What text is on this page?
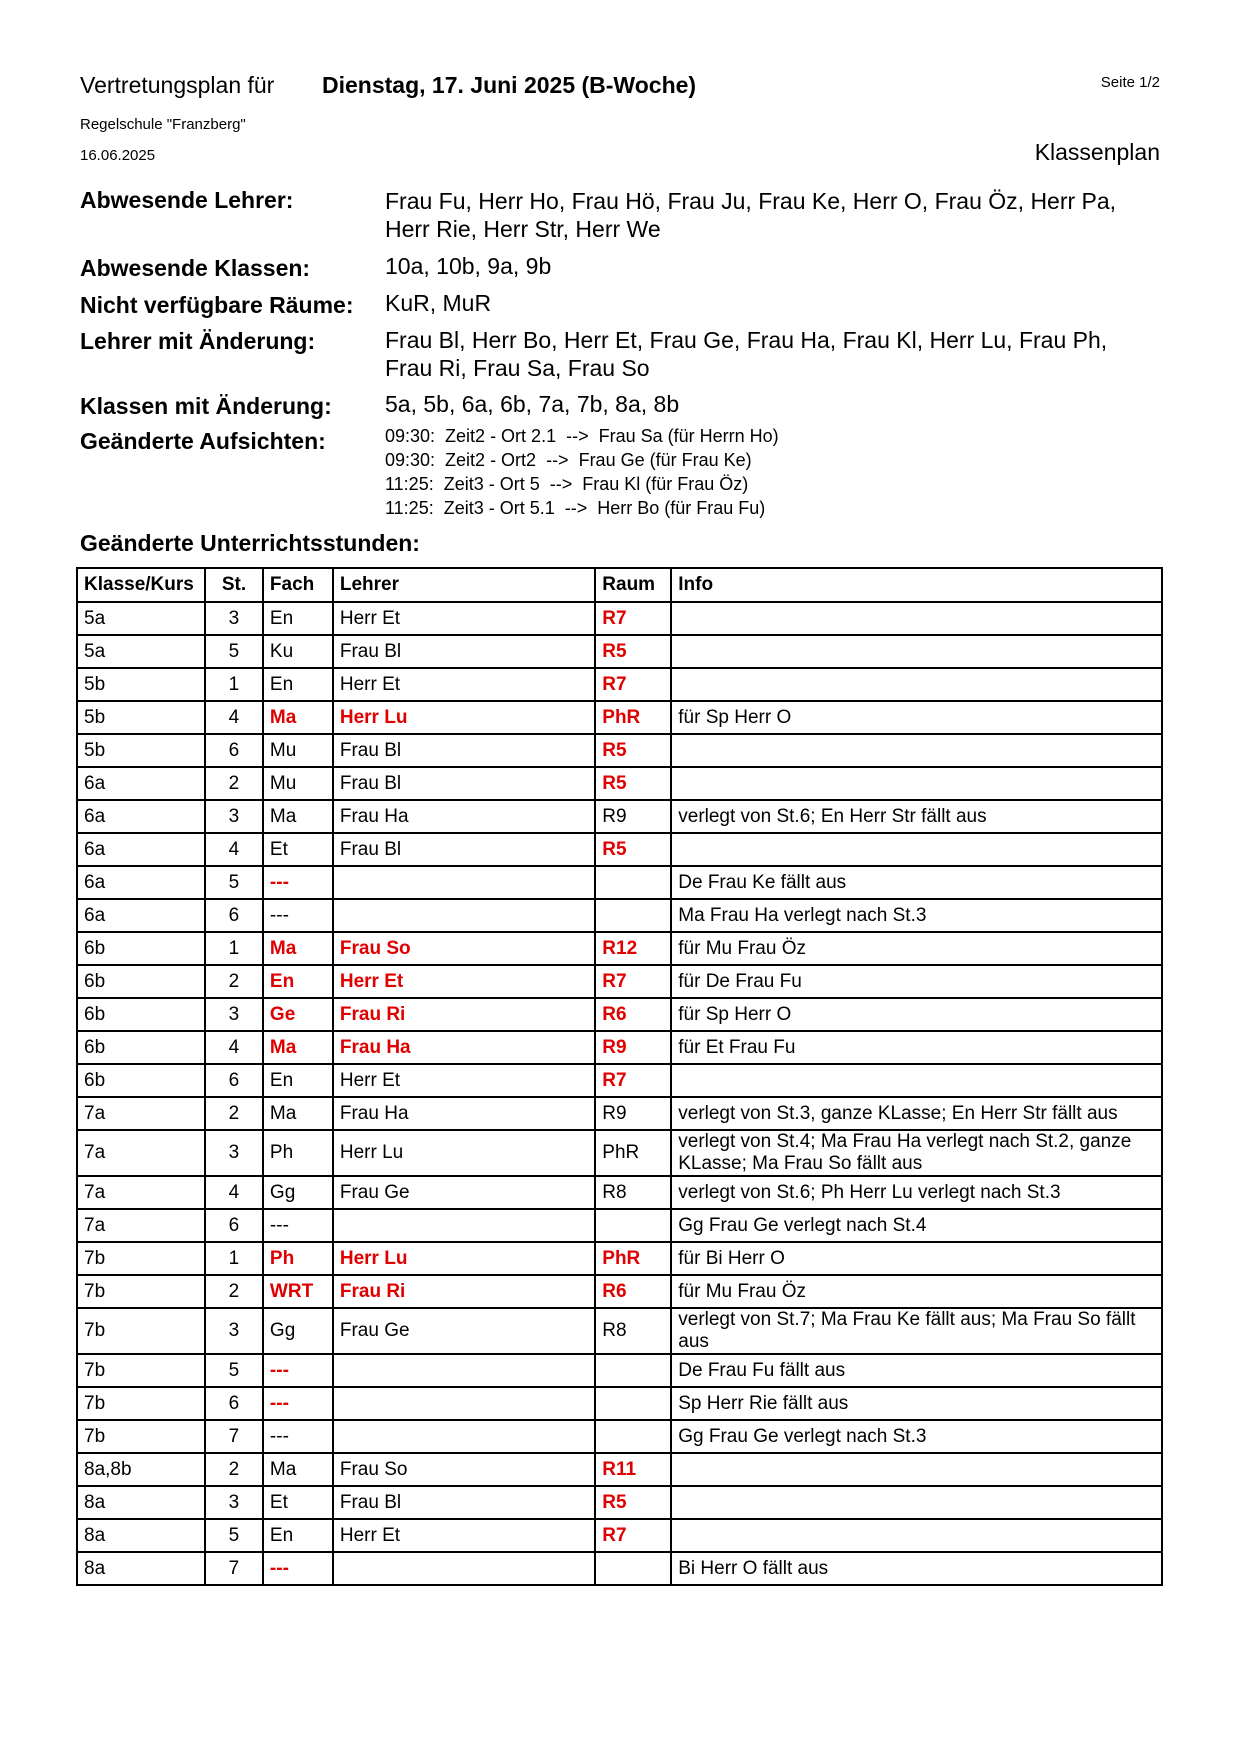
Vertretungsplan für Dienstag, 17. Juni 2025 (B-Woche)	Seite 1/2
Regelschule "Franzberg"
16.06.2025	Klassenplan
Abwesende Lehrer:	Frau Fu, Herr Ho, Frau Hö, Frau Ju, Frau Ke, Herr O, Frau Öz, Herr Pa, Herr Rie, Herr Str, Herr We
Abwesende Klassen:	10a, 10b, 9a, 9b
Nicht verfügbare Räume: KuR, MuR
Lehrer mit Änderung:	Frau Bl, Herr Bo, Herr Et, Frau Ge, Frau Ha, Frau Kl, Herr Lu, Frau Ph, Frau Ri, Frau Sa, Frau So
Klassen mit Änderung: 5a, 5b, 6a, 6b, 7a, 7b, 8a, 8b
Geänderte Aufsichten:	09:30:  Zeit2 - Ort 2.1  -->  Frau Sa (für Herrn Ho)
09:30:  Zeit2 - Ort2  -->  Frau Ge (für Frau Ke)
11:25:  Zeit3 - Ort 5  -->  Frau Kl (für Frau Öz)
11:25:  Zeit3 - Ort 5.1  -->  Herr Bo (für Frau Fu)
Geänderte Unterrichtsstunden:
Klasse/Kurs	St.	Fach	Lehrer	Raum	Info
5a	3	En	Herr Et	R7	
5a	5	Ku	Frau Bl	R5	
5b	1	En	Herr Et	R7	
5b	4	Ma	Herr Lu	PhR	für Sp Herr O
5b	6	Mu	Frau Bl	R5	
6a	2	Mu	Frau Bl	R5	
6a	3	Ma	Frau Ha	R9	verlegt von St.6; En Herr Str fällt aus
6a	4	Et	Frau Bl	R5	
6a	5	---			De Frau Ke fällt aus
6a	6	---			Ma Frau Ha verlegt nach St.3
6b	1	Ma	Frau So	R12	für Mu Frau Öz
6b	2	En	Herr Et	R7	für De Frau Fu
6b	3	Ge	Frau Ri	R6	für Sp Herr O
6b	4	Ma	Frau Ha	R9	für Et Frau Fu
6b	6	En	Herr Et	R7	
7a	2	Ma	Frau Ha	R9	verlegt von St.3, ganze KLasse; En Herr Str fällt aus
7a	3	Ph	Herr Lu	PhR	verlegt von St.4; Ma Frau Ha verlegt nach St.2, ganze KLasse; Ma Frau So fällt aus
7a	4	Gg	Frau Ge	R8	verlegt von St.6; Ph Herr Lu verlegt nach St.3
7a	6	---			Gg Frau Ge verlegt nach St.4
7b	1	Ph	Herr Lu	PhR	für Bi Herr O
7b	2	WRT	Frau Ri	R6	für Mu Frau Öz
7b	3	Gg	Frau Ge	R8	verlegt von St.7; Ma Frau Ke fällt aus; Ma Frau So fällt aus
7b	5	---			De Frau Fu fällt aus
7b	6	---			Sp Herr Rie fällt aus
7b	7	---			Gg Frau Ge verlegt nach St.3
8a,8b	2	Ma	Frau So	R11	
8a	3	Et	Frau Bl	R5	
8a	5	En	Herr Et	R7	
8a	7	---			Bi Herr O fällt aus
